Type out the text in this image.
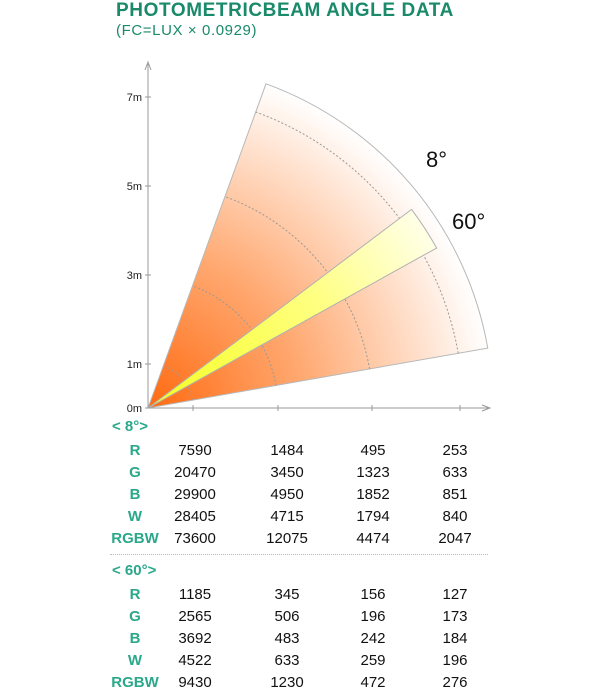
PHOTOMETRICBEAM ANGLE DATA
(FC=LUX × 0.0929)
0m
1m
3m
5m
7m
8°
60°
< 8°>
R	7590	1484	495	253
G	20470	3450	1323	633
B	29900	4950	1852	851
W	28405	4715	1794	840
RGBW	73600	12075	4474	2047
< 60°>
R	1185	345	156	127
G	2565	506	196	173
B	3692	483	242	184
W	4522	633	259	196
RGBW	9430	1230	472	276
